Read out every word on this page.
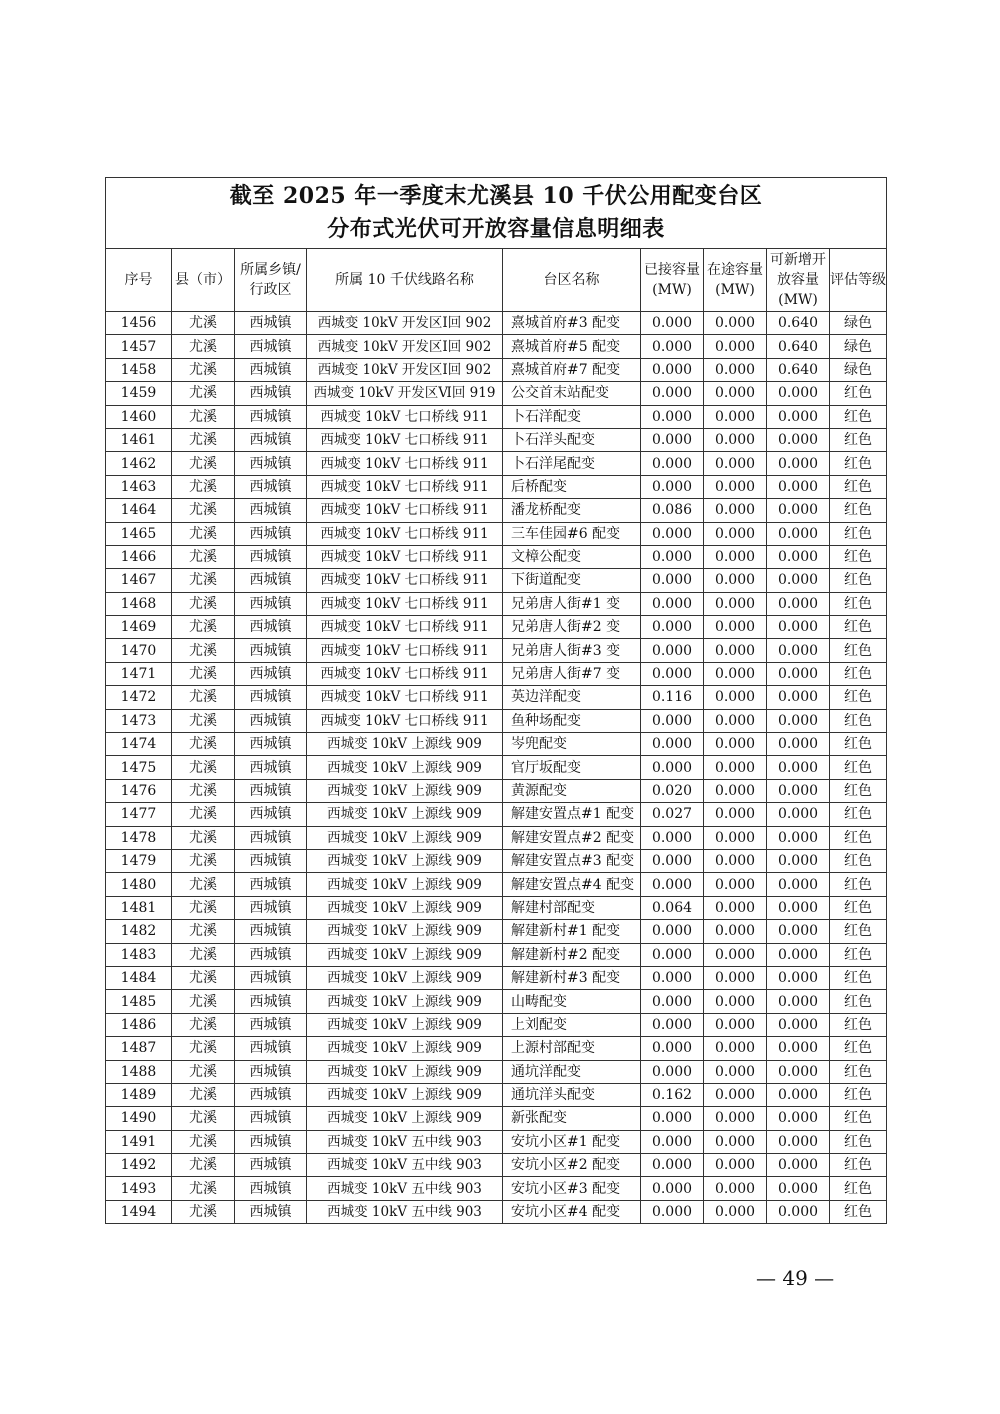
截至 2025 年一季度末尤溪县 10 千伏公用配变台区
分布式光伏可开放容量信息明细表								

序号	县（市）	所属乡镇/行政区	所属 10 千伏线路名称	台区名称	已接容量(MW)	在途容量(MW)	可新增开放容量(MW)	评估等级
1456	尤溪	西城镇	西城变 10kV 开发区Ⅰ回 902	熹城首府#3 配变	0.000	0.000	0.640	绿色
1457	尤溪	西城镇	西城变 10kV 开发区Ⅰ回 902	熹城首府#5 配变	0.000	0.000	0.640	绿色
1458	尤溪	西城镇	西城变 10kV 开发区Ⅰ回 902	熹城首府#7 配变	0.000	0.000	0.640	绿色
1459	尤溪	西城镇	西城变 10kV 开发区Ⅵ回 919	公交首末站配变	0.000	0.000	0.000	红色
1460	尤溪	西城镇	西城变 10kV 七口桥线 911	卜石洋配变	0.000	0.000	0.000	红色
1461	尤溪	西城镇	西城变 10kV 七口桥线 911	卜石洋头配变	0.000	0.000	0.000	红色
1462	尤溪	西城镇	西城变 10kV 七口桥线 911	卜石洋尾配变	0.000	0.000	0.000	红色
1463	尤溪	西城镇	西城变 10kV 七口桥线 911	后桥配变	0.000	0.000	0.000	红色
1464	尤溪	西城镇	西城变 10kV 七口桥线 911	潘龙桥配变	0.086	0.000	0.000	红色
1465	尤溪	西城镇	西城变 10kV 七口桥线 911	三车佳园#6 配变	0.000	0.000	0.000	红色
1466	尤溪	西城镇	西城变 10kV 七口桥线 911	文樟公配变	0.000	0.000	0.000	红色
1467	尤溪	西城镇	西城变 10kV 七口桥线 911	下街道配变	0.000	0.000	0.000	红色
1468	尤溪	西城镇	西城变 10kV 七口桥线 911	兄弟唐人街#1 变	0.000	0.000	0.000	红色
1469	尤溪	西城镇	西城变 10kV 七口桥线 911	兄弟唐人街#2 变	0.000	0.000	0.000	红色
1470	尤溪	西城镇	西城变 10kV 七口桥线 911	兄弟唐人街#3 变	0.000	0.000	0.000	红色
1471	尤溪	西城镇	西城变 10kV 七口桥线 911	兄弟唐人街#7 变	0.000	0.000	0.000	红色
1472	尤溪	西城镇	西城变 10kV 七口桥线 911	英边洋配变	0.116	0.000	0.000	红色
1473	尤溪	西城镇	西城变 10kV 七口桥线 911	鱼种场配变	0.000	0.000	0.000	红色
1474	尤溪	西城镇	西城变 10kV 上源线 909	岑兜配变	0.000	0.000	0.000	红色
1475	尤溪	西城镇	西城变 10kV 上源线 909	官厅坂配变	0.000	0.000	0.000	红色
1476	尤溪	西城镇	西城变 10kV 上源线 909	黄源配变	0.020	0.000	0.000	红色
1477	尤溪	西城镇	西城变 10kV 上源线 909	解建安置点#1 配变	0.027	0.000	0.000	红色
1478	尤溪	西城镇	西城变 10kV 上源线 909	解建安置点#2 配变	0.000	0.000	0.000	红色
1479	尤溪	西城镇	西城变 10kV 上源线 909	解建安置点#3 配变	0.000	0.000	0.000	红色
1480	尤溪	西城镇	西城变 10kV 上源线 909	解建安置点#4 配变	0.000	0.000	0.000	红色
1481	尤溪	西城镇	西城变 10kV 上源线 909	解建村部配变	0.064	0.000	0.000	红色
1482	尤溪	西城镇	西城变 10kV 上源线 909	解建新村#1 配变	0.000	0.000	0.000	红色
1483	尤溪	西城镇	西城变 10kV 上源线 909	解建新村#2 配变	0.000	0.000	0.000	红色
1484	尤溪	西城镇	西城变 10kV 上源线 909	解建新村#3 配变	0.000	0.000	0.000	红色
1485	尤溪	西城镇	西城变 10kV 上源线 909	山畴配变	0.000	0.000	0.000	红色
1486	尤溪	西城镇	西城变 10kV 上源线 909	上刘配变	0.000	0.000	0.000	红色
1487	尤溪	西城镇	西城变 10kV 上源线 909	上源村部配变	0.000	0.000	0.000	红色
1488	尤溪	西城镇	西城变 10kV 上源线 909	通坑洋配变	0.000	0.000	0.000	红色
1489	尤溪	西城镇	西城变 10kV 上源线 909	通坑洋头配变	0.162	0.000	0.000	红色
1490	尤溪	西城镇	西城变 10kV 上源线 909	新张配变	0.000	0.000	0.000	红色
1491	尤溪	西城镇	西城变 10kV 五中线 903	安坑小区#1 配变	0.000	0.000	0.000	红色
1492	尤溪	西城镇	西城变 10kV 五中线 903	安坑小区#2 配变	0.000	0.000	0.000	红色
1493	尤溪	西城镇	西城变 10kV 五中线 903	安坑小区#3 配变	0.000	0.000	0.000	红色
1494	尤溪	西城镇	西城变 10kV 五中线 903	安坑小区#4 配变	0.000	0.000	0.000	红色
— 49 —
